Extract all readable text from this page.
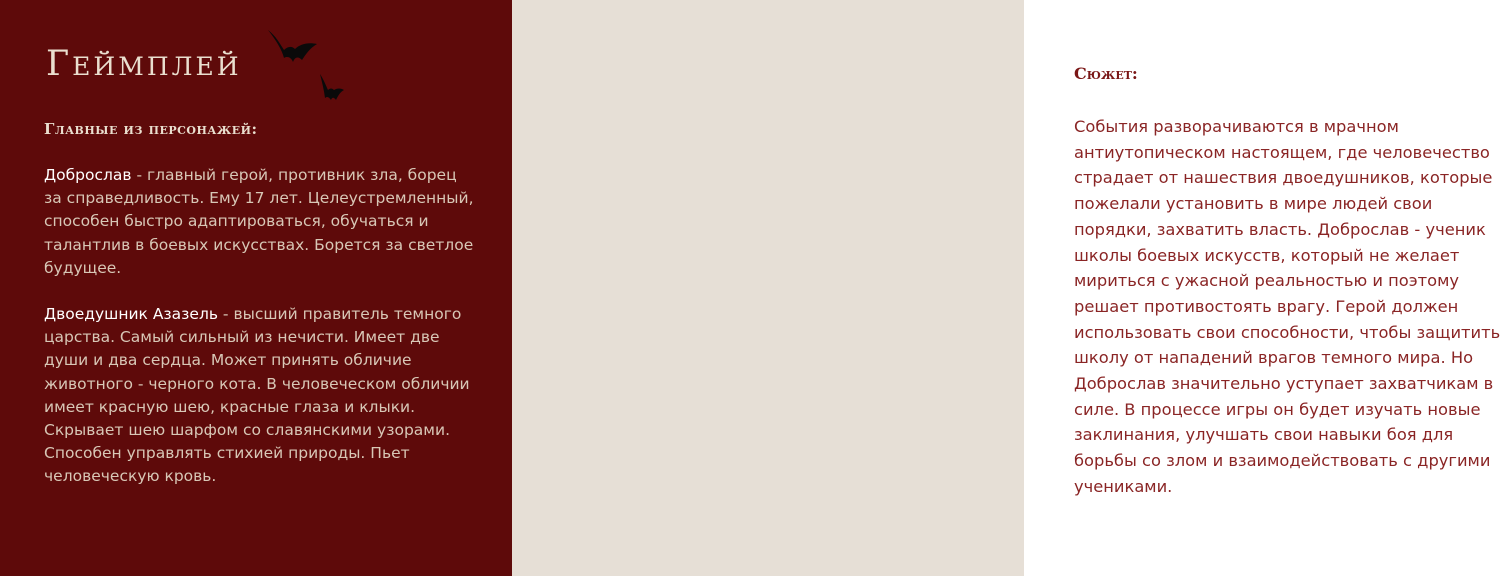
Геймплей
Главные из персонажей:

Доброслав - главный герой, противник зла, борец за справедливость. Ему 17 лет. Целеустремленный, способен быстро адаптироваться, обучаться и талантлив в боевых искусствах. Борется за светлое будущее.

Двоедушник Азазель - высший правитель темного царства. Самый сильный из нечисти. Имеет две души и два сердца. Может принять обличие животного - черного кота. В человеческом обличии имеет красную шею, красные глаза и клыки. Скрывает шею шарфом со славянскими узорами. Способен управлять стихией природы. Пьет человеческую кровь.

Сюжет:

События разворачиваются в мрачном антиутопическом настоящем, где человечество страдает от нашествия двоедушников, которые пожелали установить в мире людей свои порядки, захватить власть. Доброслав - ученик школы боевых искусств, который не желает мириться с ужасной реальностью и поэтому решает противостоять врагу. Герой должен использовать свои способности, чтобы защитить школу от нападений врагов темного мира. Но Доброслав значительно уступает захватчикам в силе. В процессе игры он будет изучать новые заклинания, улучшать свои навыки боя для борьбы со злом и взаимодействовать с другими учениками.
